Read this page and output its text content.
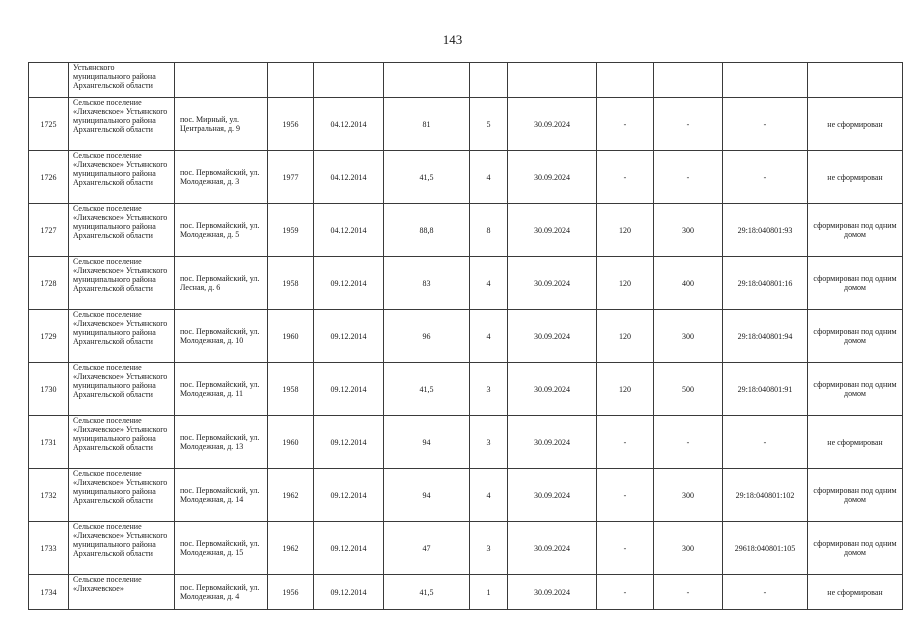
143
	Устьянского муниципального района Архангельской области										
1725	Сельское поселение «Лихачевское» Устьянского муниципального района Архангельской области	пос. Мирный, ул. Центральная, д. 9	1956	04.12.2014	81	5	30.09.2024	-	-	-	не сформирован
1726	Сельское поселение «Лихачевское» Устьянского муниципального района Архангельской области	пос. Первомайский, ул. Молодежная, д. 3	1977	04.12.2014	41,5	4	30.09.2024	-	-	-	не сформирован
1727	Сельское поселение «Лихачевское» Устьянского муниципального района Архангельской области	пос. Первомайский, ул. Молодежная, д. 5	1959	04.12.2014	88,8	8	30.09.2024	120	300	29:18:040801:93	сформирован под одним домом
1728	Сельское поселение «Лихачевское» Устьянского муниципального района Архангельской области	пос. Первомайский, ул. Лесная, д. 6	1958	09.12.2014	83	4	30.09.2024	120	400	29:18:040801:16	сформирован под одним домом
1729	Сельское поселение «Лихачевское» Устьянского муниципального района Архангельской области	пос. Первомайский, ул. Молодежная, д. 10	1960	09.12.2014	96	4	30.09.2024	120	300	29:18:040801:94	сформирован под одним домом
1730	Сельское поселение «Лихачевское» Устьянского муниципального района Архангельской области	пос. Первомайский, ул. Молодежная, д. 11	1958	09.12.2014	41,5	3	30.09.2024	120	500	29:18:040801:91	сформирован под одним домом
1731	Сельское поселение «Лихачевское» Устьянского муниципального района Архангельской области	пос. Первомайский, ул. Молодежная, д. 13	1960	09.12.2014	94	3	30.09.2024	-	-	-	не сформирован
1732	Сельское поселение «Лихачевское» Устьянского муниципального района Архангельской области	пос. Первомайский, ул. Молодежная, д. 14	1962	09.12.2014	94	4	30.09.2024	-	300	29:18:040801:102	сформирован под одним домом
1733	Сельское поселение «Лихачевское» Устьянского муниципального района Архангельской области	пос. Первомайский, ул. Молодежная, д. 15	1962	09.12.2014	47	3	30.09.2024	-	300	29618:040801:105	сформирован под одним домом
1734	Сельское поселение «Лихачевское»	пос. Первомайский, ул. Молодежная, д. 4	1956	09.12.2014	41,5	1	30.09.2024	-	-	-	не сформирован
